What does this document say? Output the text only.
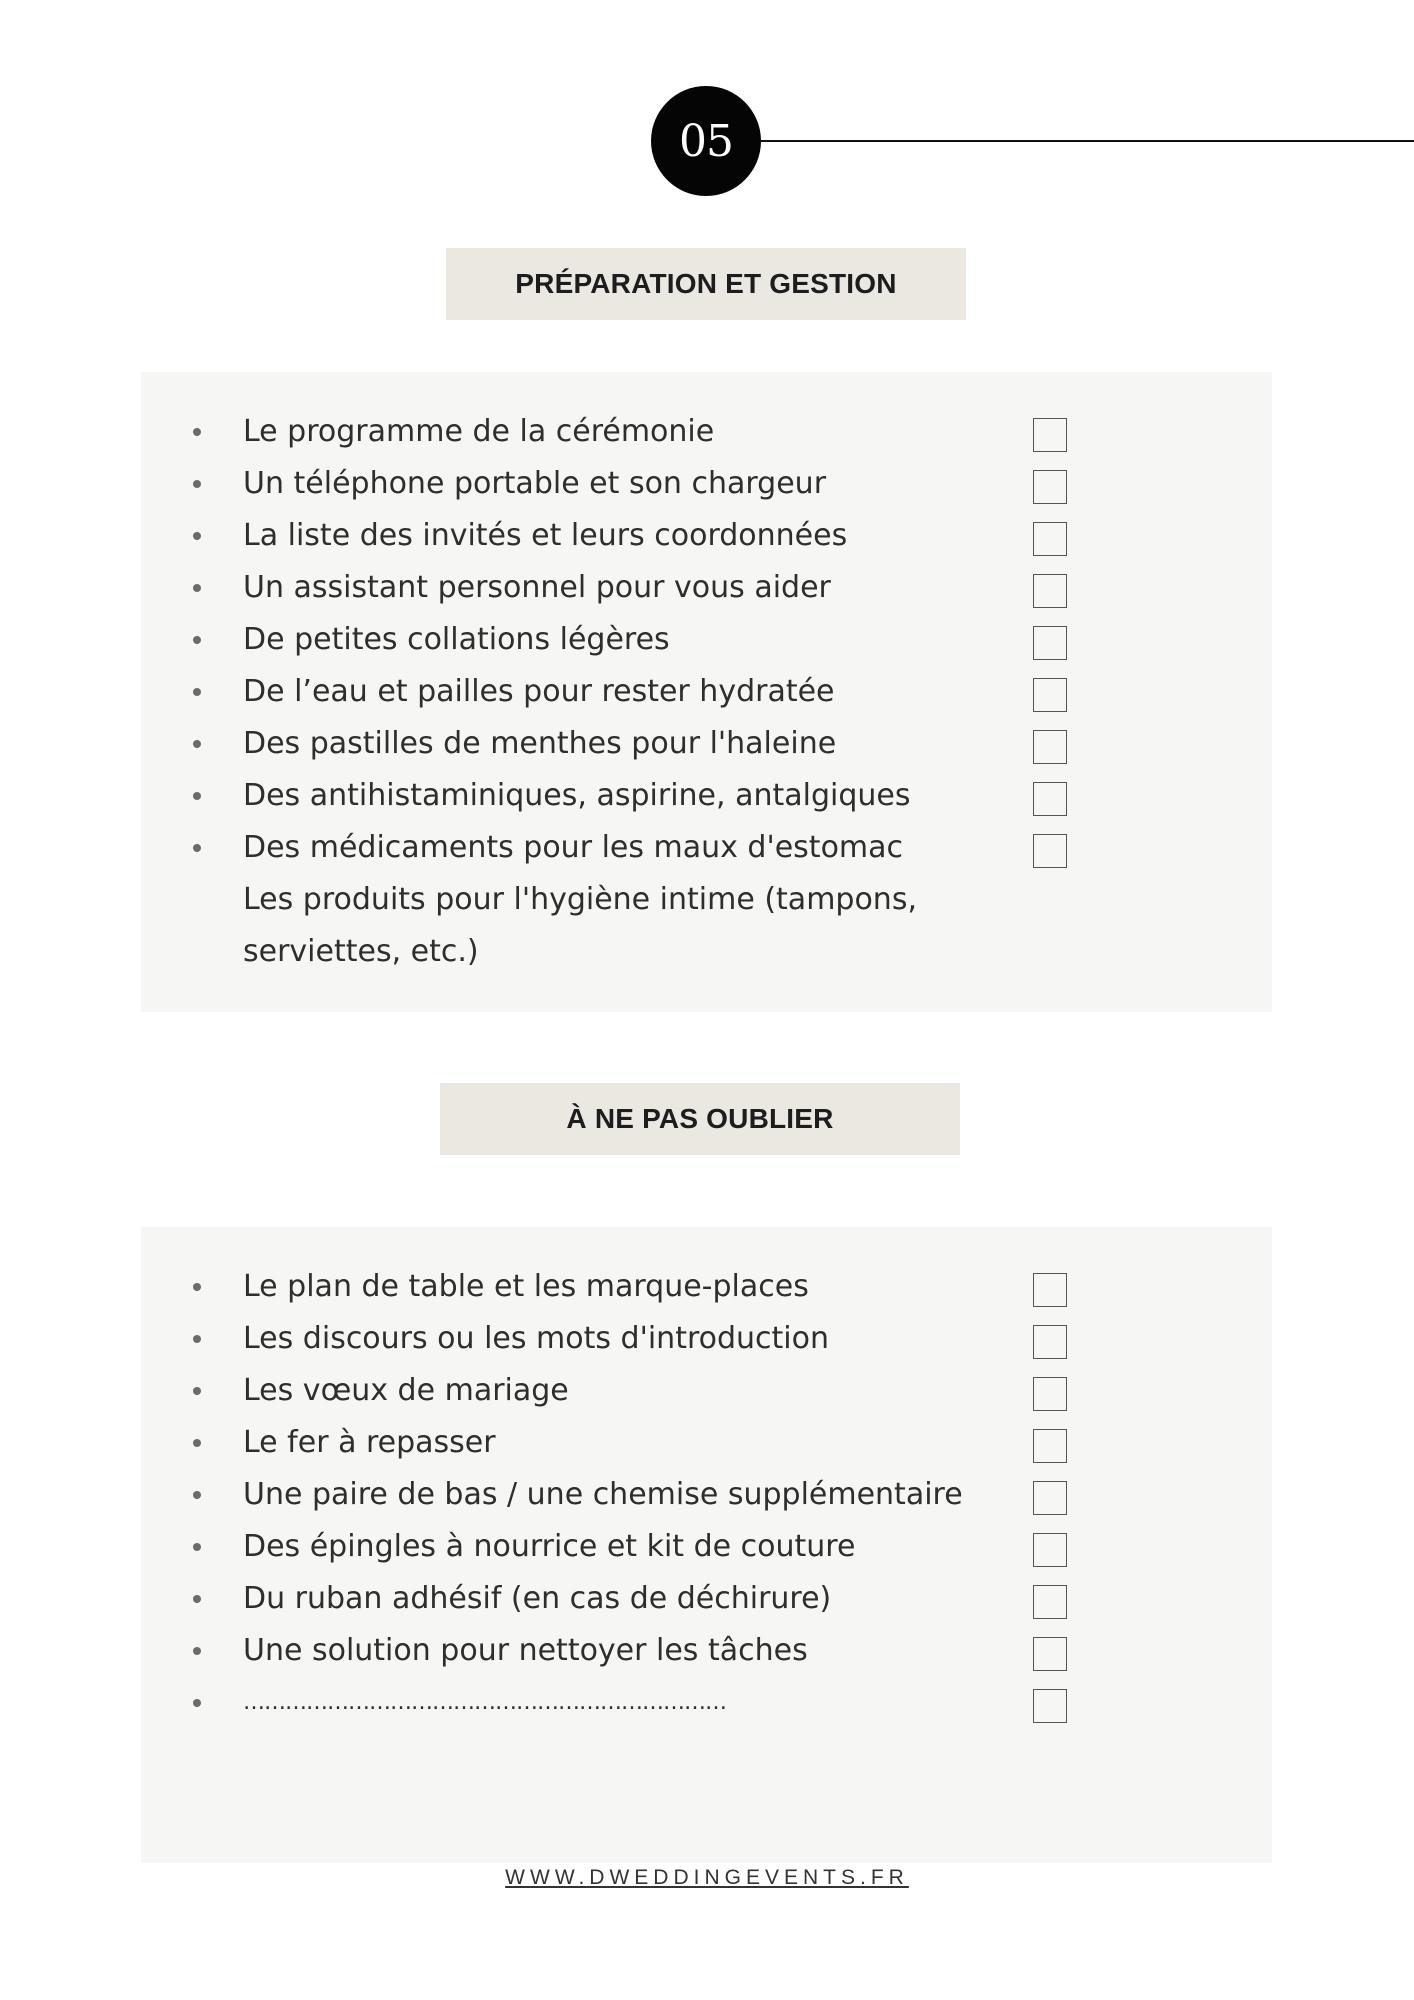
05
PRÉPARATION ET GESTION
Le programme de la cérémonie
Un téléphone portable et son chargeur
La liste des invités et leurs coordonnées
Un assistant personnel pour vous aider
De petites collations légères
De l’eau et pailles pour rester hydratée
Des pastilles de menthes pour l'haleine
Des antihistaminiques, aspirine, antalgiques
Des médicaments pour les maux d'estomac
Les produits pour l'hygiène intime (tampons,
serviettes, etc.)
À NE PAS OUBLIER
Le plan de table et les marque-places
Les discours ou les mots d'introduction
Les vœux de mariage
Le fer à repasser
Une paire de bas / une chemise supplémentaire
Des épingles à nourrice et kit de couture
Du ruban adhésif (en cas de déchirure)
Une solution pour nettoyer les tâches
……………………………………………………………
WWW.DWEDDINGEVENTS.FR
